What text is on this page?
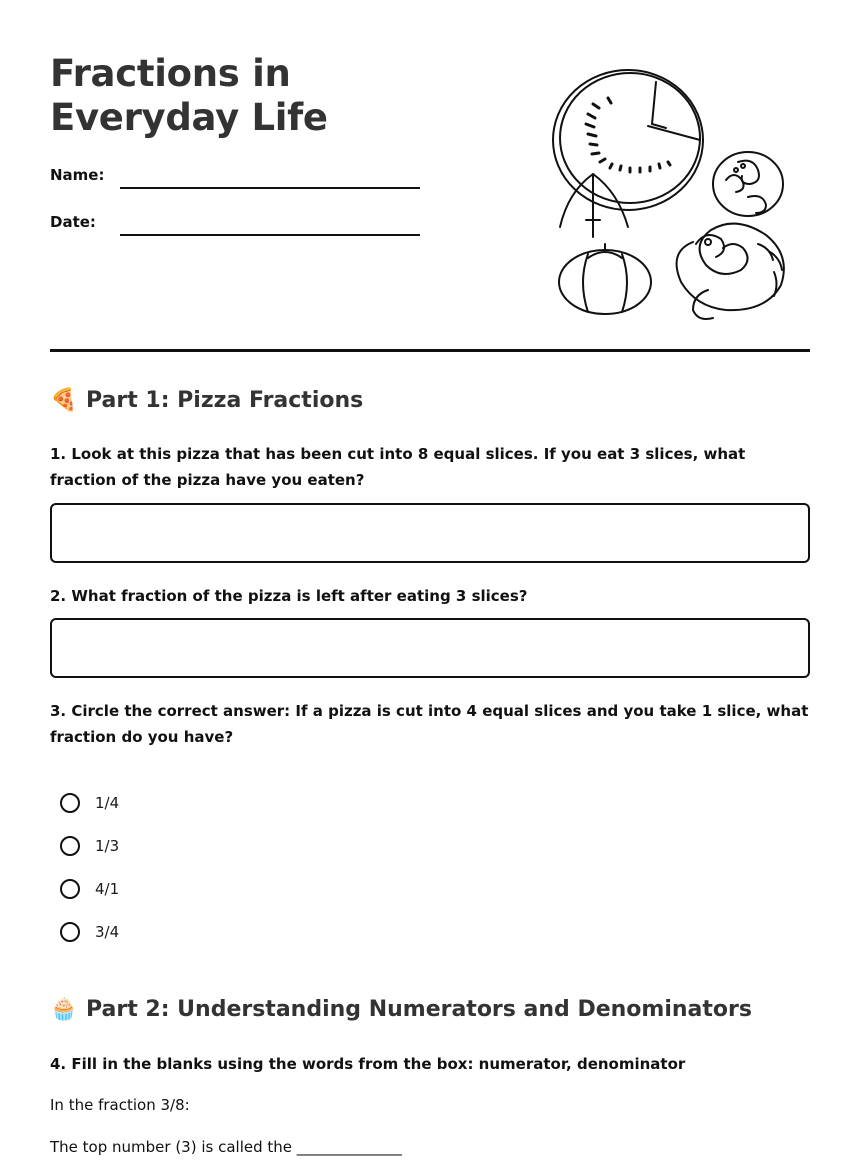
Fractions in Everyday Life
Name:
Date:
🍕 Part 1: Pizza Fractions
1. Look at this pizza that has been cut into 8 equal slices. If you eat 3 slices, what fraction of the pizza have you eaten?
2. What fraction of the pizza is left after eating 3 slices?
3. Circle the correct answer: If a pizza is cut into 4 equal slices and you take 1 slice, what fraction do you have?
1/4
1/3
4/1
3/4
🧁 Part 2: Understanding Numerators and Denominators
4. Fill in the blanks using the words from the box: numerator, denominator
In the fraction 3/8:
The top number (3) is called the ______________
